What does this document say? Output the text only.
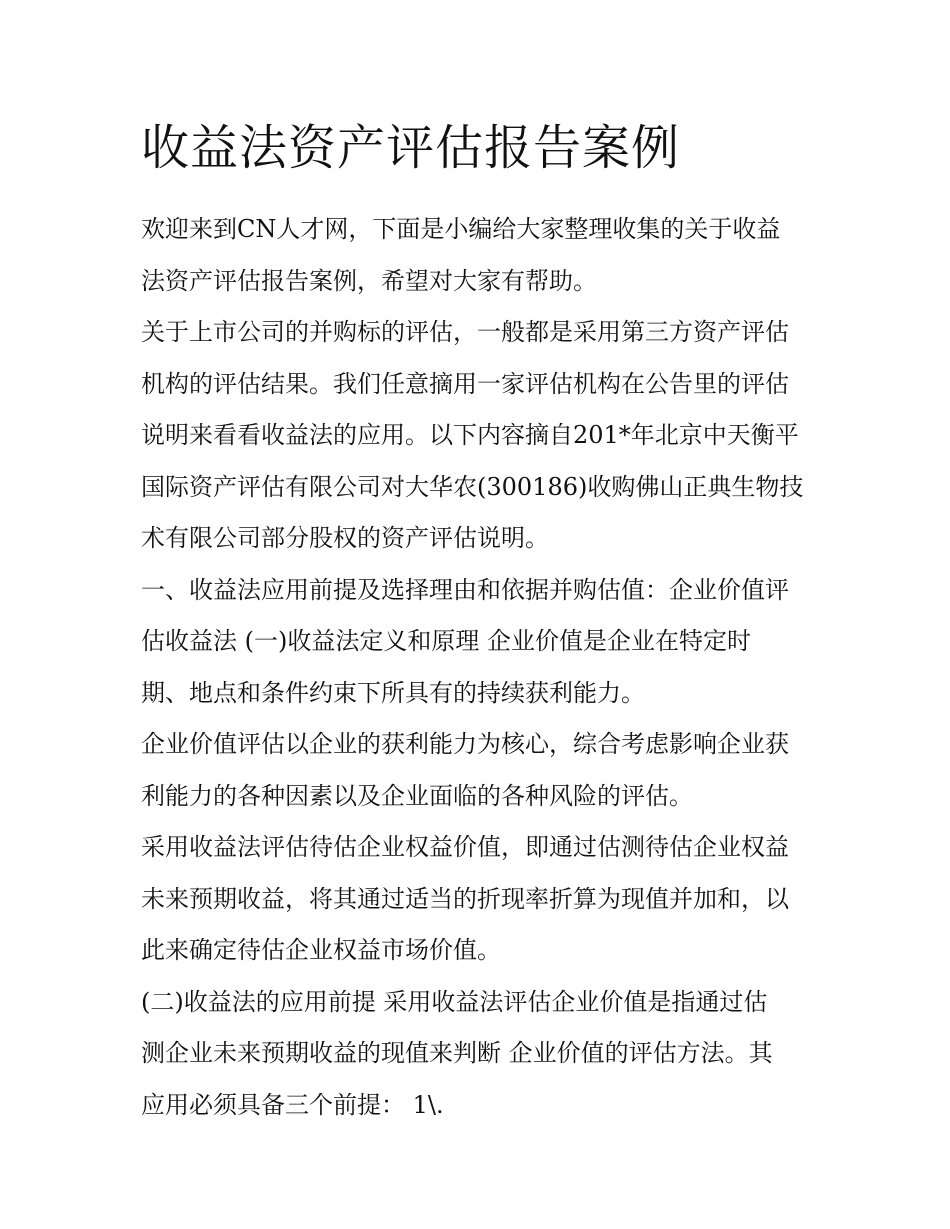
收益法资产评估报告案例
欢迎来到CN人才网，下面是小编给大家整理收集的关于收益
法资产评估报告案例，希望对大家有帮助。
关于上市公司的并购标的评估，一般都是采用第三方资产评估
机构的评估结果。我们任意摘用一家评估机构在公告里的评估
说明来看看收益法的应用。以下内容摘自201*年北京中天衡平
国际资产评估有限公司对大华农(300186)收购佛山正典生物技
术有限公司部分股权的资产评估说明。
一、收益法应用前提及选择理由和依据并购估值：企业价值评
估收益法 (一)收益法定义和原理 企业价值是企业在特定时
期、地点和条件约束下所具有的持续获利能力。
企业价值评估以企业的获利能力为核心，综合考虑影响企业获
利能力的各种因素以及企业面临的各种风险的评估。
采用收益法评估待估企业权益价值，即通过估测待估企业权益
未来预期收益，将其通过适当的折现率折算为现值并加和，以
此来确定待估企业权益市场价值。
(二)收益法的应用前提 采用收益法评估企业价值是指通过估
测企业未来预期收益的现值来判断 企业价值的评估方法。其
应用必须具备三个前提： 1\.
